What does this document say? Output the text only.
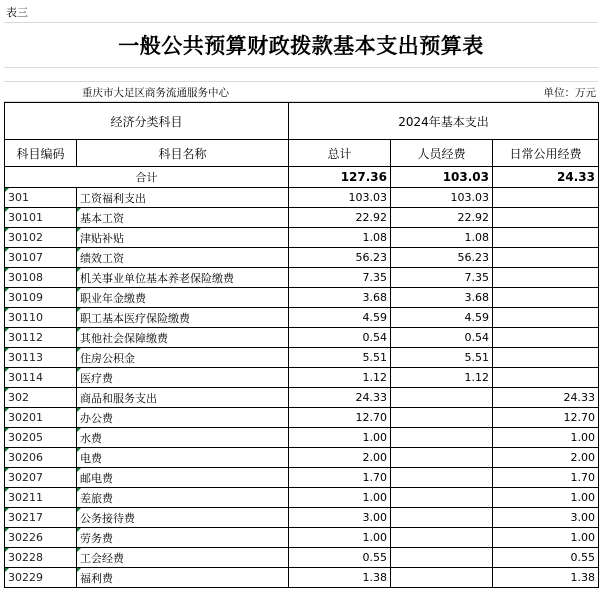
表三
一般公共预算财政拨款基本支出预算表
重庆市大足区商务流通服务中心	单位：万元
经济分类科目		2024年基本支出		
科目编码	科目名称	总计	人员经费	日常公用经费
合计		127.36	103.03	24.33
301	工资福利支出	103.03	103.03	
30101	基本工资	22.92	22.92	
30102	津贴补贴	1.08	1.08	
30107	绩效工资	56.23	56.23	
30108	机关事业单位基本养老保险缴费	7.35	7.35	
30109	职业年金缴费	3.68	3.68	
30110	职工基本医疗保险缴费	4.59	4.59	
30112	其他社会保障缴费	0.54	0.54	
30113	住房公积金	5.51	5.51	
30114	医疗费	1.12	1.12	
302	商品和服务支出	24.33		24.33
30201	办公费	12.70		12.70
30205	水费	1.00		1.00
30206	电费	2.00		2.00
30207	邮电费	1.70		1.70
30211	差旅费	1.00		1.00
30217	公务接待费	3.00		3.00
30226	劳务费	1.00		1.00
30228	工会经费	0.55		0.55
30229	福利费	1.38		1.38
